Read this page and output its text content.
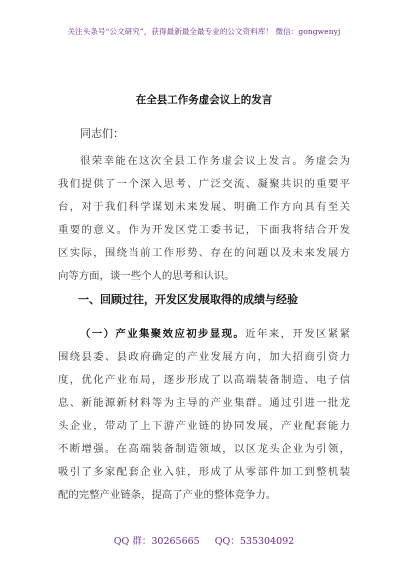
关注头条号“公文研究”，获得最新最全最专业的公文资料库！ 微信：gongwenyj
在全县工作务虚会议上的发言
同志们：
很荣幸能在这次全县工作务虚会议上发言。务虚会为
我们提供了一个深入思考、广泛交流、凝聚共识的重要平
台，对于我们科学谋划未来发展、明确工作方向具有至关
重要的意义。作为开发区党工委书记，下面我将结合开发
区实际，围绕当前工作形势、存在的问题以及未来发展方
向等方面，谈一些个人的思考和认识。
一、回顾过往，开发区发展取得的成绩与经验
（一）产业集聚效应初步显现。近年来，开发区紧紧
围绕县委、县政府确定的产业发展方向，加大招商引资力
度，优化产业布局，逐步形成了以高端装备制造、电子信
息、新能源新材料等为主导的产业集群。通过引进一批龙
头企业，带动了上下游产业链的协同发展，产业配套能力
不断增强。在高端装备制造领域，以区龙头企业为引领，
吸引了多家配套企业入驻，形成了从零部件加工到整机装
配的完整产业链条，提高了产业的整体竞争力。
QQ 群：30265665 QQ：535304092
